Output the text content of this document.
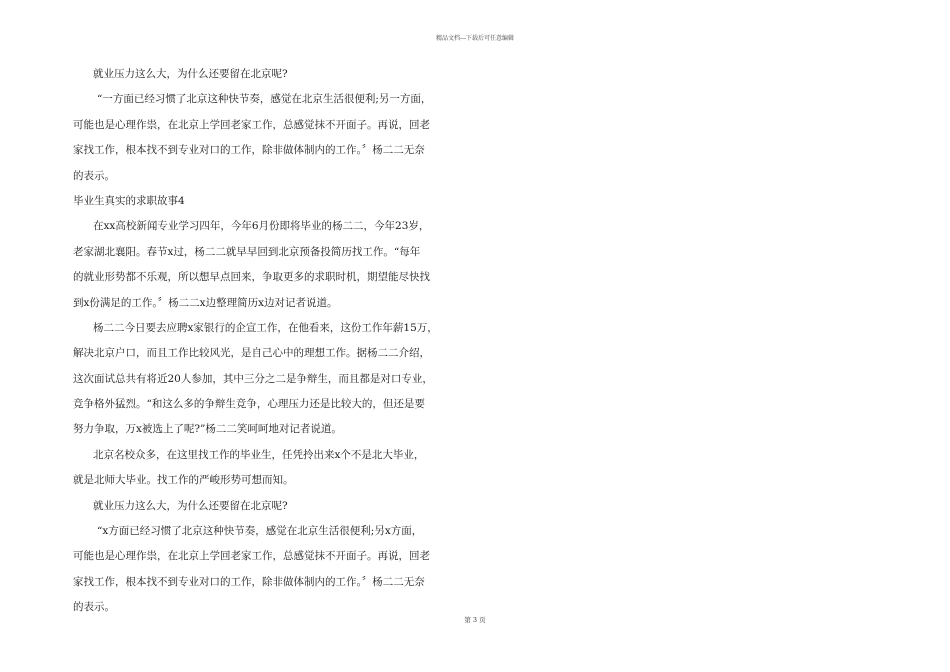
精品文档---下载后可任意编辑
就业压力这么大，为什么还要留在北京呢?
“一方面已经习惯了北京这种快节奏，感觉在北京生活很便利;另一方面，
可能也是心理作祟，在北京上学回老家工作，总感觉抹不开面子。再说，回老
家找工作，根本找不到专业对口的工作，除非做体制内的工作。〞杨二二无奈
的表示。
毕业生真实的求职故事4
在xx高校新闻专业学习四年，今年6月份即将毕业的杨二二，今年23岁，
老家湖北襄阳。春节x过，杨二二就早早回到北京预备投简历找工作。“每年
的就业形势都不乐观，所以想早点回来，争取更多的求职时机，期望能尽快找
到x份满足的工作。〞杨二二x边整理简历x边对记者说道。
杨二二今日要去应聘x家银行的企宣工作，在他看来，这份工作年薪15万，
解决北京户口，而且工作比较风光，是自己心中的理想工作。据杨二二介绍，
这次面试总共有将近20人参加，其中三分之二是争辩生，而且都是对口专业，
竞争格外猛烈。“和这么多的争辩生竞争，心理压力还是比较大的，但还是要
努力争取，万x被选上了呢?”杨二二笑呵呵地对记者说道。
北京名校众多，在这里找工作的毕业生，任凭拎出来x个不是北大毕业，
就是北师大毕业。找工作的严峻形势可想而知。
就业压力这么大，为什么还要留在北京呢?
“x方面已经习惯了北京这种快节奏，感觉在北京生活很便利;另x方面，
可能也是心理作祟，在北京上学回老家工作，总感觉抹不开面子。再说，回老
家找工作，根本找不到专业对口的工作，除非做体制内的工作。〞杨二二无奈
的表示。
第 3 页
